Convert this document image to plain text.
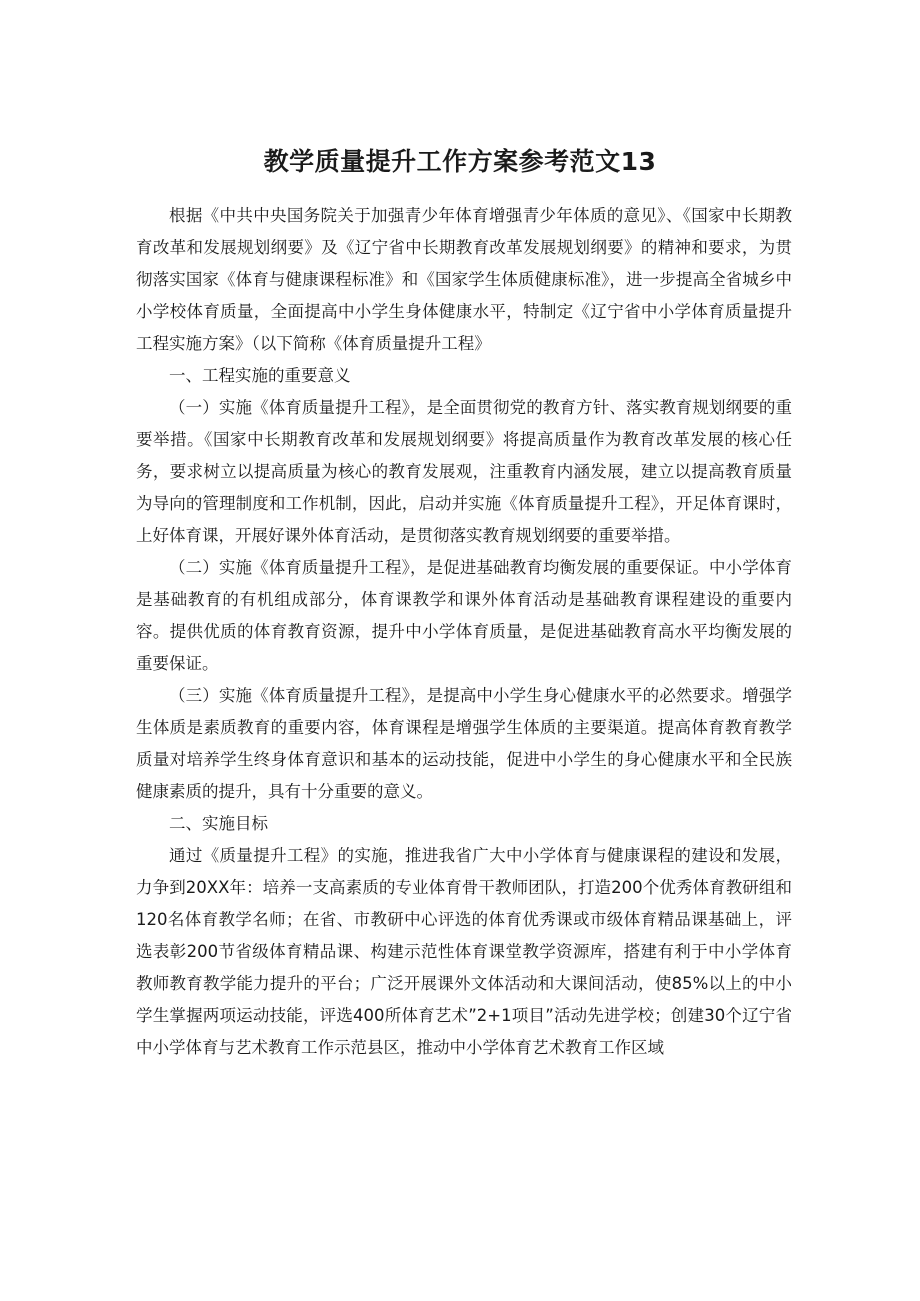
教学质量提升工作方案参考范文13

根据《中共中央国务院关于加强青少年体育增强青少年体质的意见》、《国家中长期教育改革和发展规划纲要》及《辽宁省中长期教育改革发展规划纲要》的精神和要求，为贯彻落实国家《体育与健康课程标准》和《国家学生体质健康标准》，进一步提高全省城乡中小学校体育质量，全面提高中小学生身体健康水平，特制定《辽宁省中小学体育质量提升工程实施方案》（以下简称《体育质量提升工程》

一、工程实施的重要意义

（一）实施《体育质量提升工程》，是全面贯彻党的教育方针、落实教育规划纲要的重要举措。《国家中长期教育改革和发展规划纲要》将提高质量作为教育改革发展的核心任务，要求树立以提高质量为核心的教育发展观，注重教育内涵发展，建立以提高教育质量为导向的管理制度和工作机制，因此，启动并实施《体育质量提升工程》，开足体育课时，上好体育课，开展好课外体育活动，是贯彻落实教育规划纲要的重要举措。

（二）实施《体育质量提升工程》，是促进基础教育均衡发展的重要保证。中小学体育是基础教育的有机组成部分，体育课教学和课外体育活动是基础教育课程建设的重要内容。提供优质的体育教育资源，提升中小学体育质量，是促进基础教育高水平均衡发展的重要保证。

（三）实施《体育质量提升工程》，是提高中小学生身心健康水平的必然要求。增强学生体质是素质教育的重要内容，体育课程是增强学生体质的主要渠道。提高体育教育教学质量对培养学生终身体育意识和基本的运动技能，促进中小学生的身心健康水平和全民族健康素质的提升，具有十分重要的意义。

二、实施目标

通过《质量提升工程》的实施，推进我省广大中小学体育与健康课程的建设和发展，力争到20XX年：培养一支高素质的专业体育骨干教师团队，打造200个优秀体育教研组和120名体育教学名师；在省、市教研中心评选的体育优秀课或市级体育精品课基础上，评选表彰200节省级体育精品课、构建示范性体育课堂教学资源库，搭建有利于中小学体育教师教育教学能力提升的平台；广泛开展课外文体活动和大课间活动，使85%以上的中小学生掌握两项运动技能，评选400所体育艺术”2+1项目”活动先进学校；创建30个辽宁省中小学体育与艺术教育工作示范县区，推动中小学体育艺术教育工作区域
